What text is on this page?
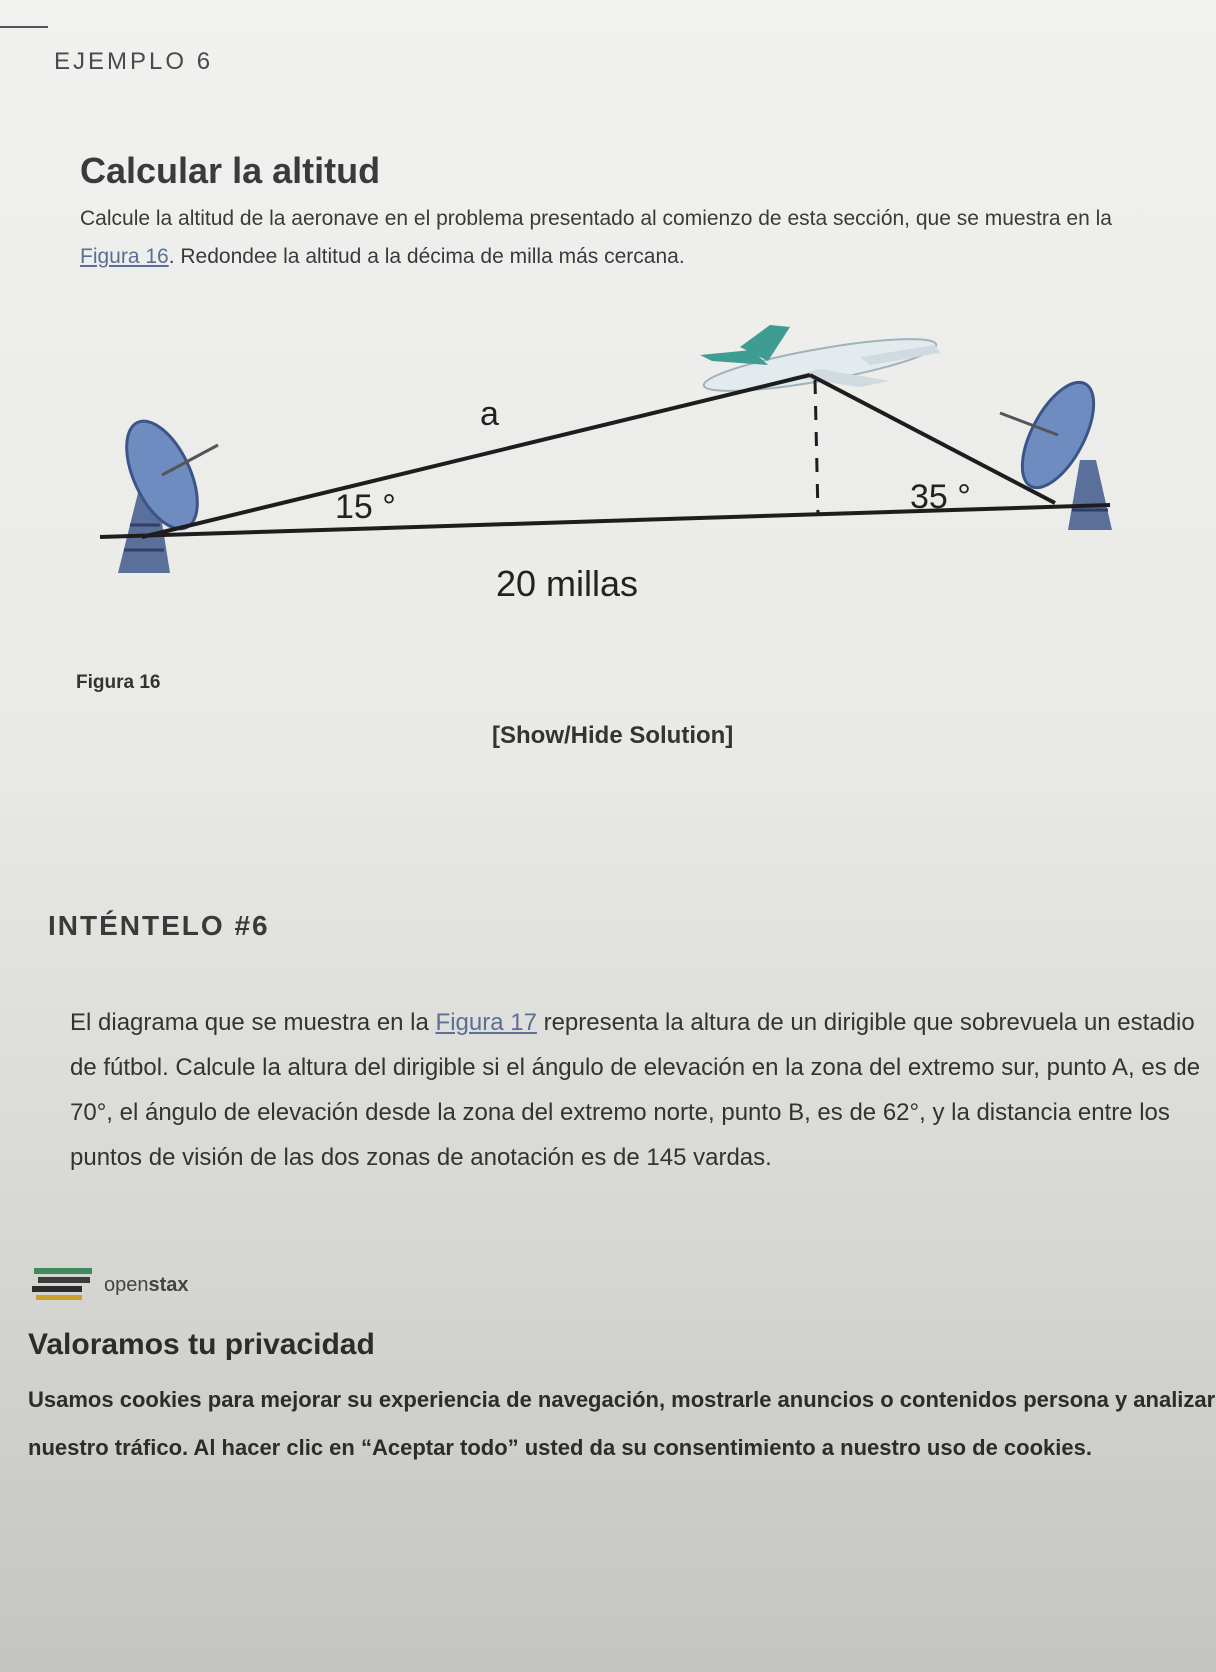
EJEMPLO 6
Calcular la altitud
Calcule la altitud de la aeronave en el problema presentado al comienzo de esta sección, que se muestra en la Figura 16. Redondee la altitud a la décima de milla más cercana.
a
15 °	35 °
20 millas
Figura 16
[Show/Hide Solution]
INTÉNTELO #6
El diagrama que se muestra en la Figura 17 representa la altura de un dirigible que sobrevuela un estadio de fútbol. Calcule la altura del dirigible si el ángulo de elevación en la zona del extremo sur, punto A, es de 70°, el ángulo de elevación desde la zona del extremo norte, punto B, es de 62°, y la distancia entre los puntos de visión de las dos zonas de anotación es de 145 vardas.
openstax
Valoramos tu privacidad
Usamos cookies para mejorar su experiencia de navegación, mostrarle anuncios o contenidos persona y analizar nuestro tráfico. Al hacer clic en “Aceptar todo” usted da su consentimiento a nuestro uso de cookies.
